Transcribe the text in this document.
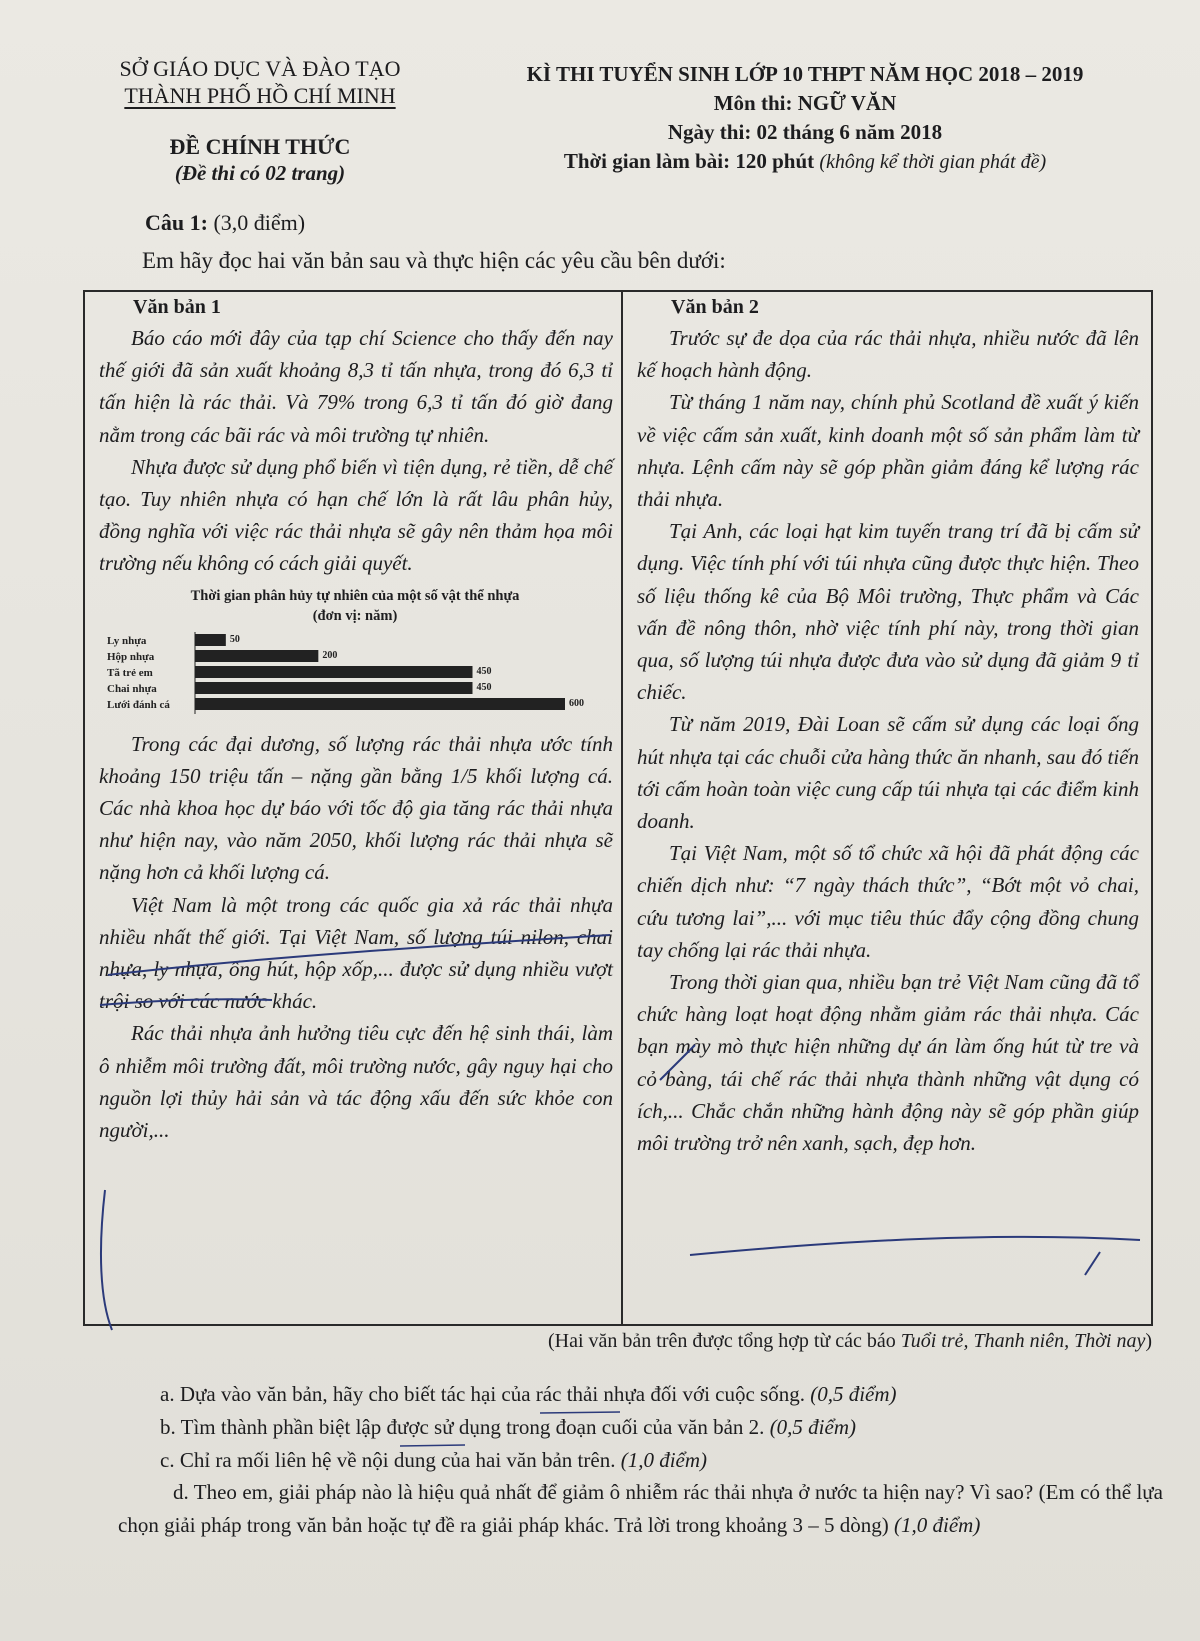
SỞ GIÁO DỤC VÀ ĐÀO TẠO
THÀNH PHỐ HỒ CHÍ MINH
ĐỀ CHÍNH THỨC
(Đề thi có 02 trang)
KÌ THI TUYỂN SINH LỚP 10 THPT NĂM HỌC 2018 – 2019
Môn thi: NGỮ VĂN
Ngày thi: 02 tháng 6 năm 2018
Thời gian làm bài: 120 phút (không kể thời gian phát đề)
Câu 1: (3,0 điểm)
Em hãy đọc hai văn bản sau và thực hiện các yêu cầu bên dưới:
Văn bản 1

Báo cáo mới đây của tạp chí Science cho thấy đến nay thế giới đã sản xuất khoảng 8,3 tỉ tấn nhựa, trong đó 6,3 tỉ tấn hiện là rác thải. Và 79% trong 6,3 tỉ tấn đó giờ đang nằm trong các bãi rác và môi trường tự nhiên.

Nhựa được sử dụng phổ biến vì tiện dụng, rẻ tiền, dễ chế tạo. Tuy nhiên nhựa có hạn chế lớn là rất lâu phân hủy, đồng nghĩa với việc rác thải nhựa sẽ gây nên thảm họa môi trường nếu không có cách giải quyết.

Thời gian phân hủy tự nhiên của một số vật thể nhựa
(đơn vị: năm)
Ly nhựa	50
Hộp nhựa	200
Tã trẻ em	450
Chai nhựa	450
Lưới đánh cá	600

Trong các đại dương, số lượng rác thải nhựa ước tính khoảng 150 triệu tấn – nặng gần bằng 1/5 khối lượng cá. Các nhà khoa học dự báo với tốc độ gia tăng rác thải nhựa như hiện nay, vào năm 2050, khối lượng rác thải nhựa sẽ nặng hơn cả khối lượng cá.

Việt Nam là một trong các quốc gia xả rác thải nhựa nhiều nhất thế giới. Tại Việt Nam, số lượng túi nilon, chai nhựa, ly nhựa, ống hút, hộp xốp,... được sử dụng nhiều vượt trội so với các nước khác.

Rác thải nhựa ảnh hưởng tiêu cực đến hệ sinh thái, làm ô nhiễm môi trường đất, môi trường nước, gây nguy hại cho nguồn lợi thủy hải sản và tác động xấu đến sức khỏe con người,...

Văn bản 2

Trước sự đe dọa của rác thải nhựa, nhiều nước đã lên kế hoạch hành động.

Từ tháng 1 năm nay, chính phủ Scotland đề xuất ý kiến về việc cấm sản xuất, kinh doanh một số sản phẩm làm từ nhựa. Lệnh cấm này sẽ góp phần giảm đáng kể lượng rác thải nhựa.

Tại Anh, các loại hạt kim tuyến trang trí đã bị cấm sử dụng. Việc tính phí với túi nhựa cũng được thực hiện. Theo số liệu thống kê của Bộ Môi trường, Thực phẩm và Các vấn đề nông thôn, nhờ việc tính phí này, trong thời gian qua, số lượng túi nhựa được đưa vào sử dụng đã giảm 9 tỉ chiếc.

Từ năm 2019, Đài Loan sẽ cấm sử dụng các loại ống hút nhựa tại các chuỗi cửa hàng thức ăn nhanh, sau đó tiến tới cấm hoàn toàn việc cung cấp túi nhựa tại các điểm kinh doanh.

Tại Việt Nam, một số tổ chức xã hội đã phát động các chiến dịch như: “7 ngày thách thức”, “Bớt một vỏ chai, cứu tương lai”,... với mục tiêu thúc đẩy cộng đồng chung tay chống lại rác thải nhựa.

Trong thời gian qua, nhiều bạn trẻ Việt Nam cũng đã tổ chức hàng loạt hoạt động nhằm giảm rác thải nhựa. Các bạn mày mò thực hiện những dự án làm ống hút từ tre và cỏ bàng, tái chế rác thải nhựa thành những vật dụng có ích,... Chắc chắn những hành động này sẽ góp phần giúp môi trường trở nên xanh, sạch, đẹp hơn.

(Hai văn bản trên được tổng hợp từ các báo Tuổi trẻ, Thanh niên, Thời nay)
a. Dựa vào văn bản, hãy cho biết tác hại của rác thải nhựa đối với cuộc sống. (0,5 điểm)
b. Tìm thành phần biệt lập được sử dụng trong đoạn cuối của văn bản 2. (0,5 điểm)
c. Chỉ ra mối liên hệ về nội dung của hai văn bản trên. (1,0 điểm)
d. Theo em, giải pháp nào là hiệu quả nhất để giảm ô nhiễm rác thải nhựa ở nước ta hiện nay? Vì sao? (Em có thể lựa chọn giải pháp trong văn bản hoặc tự đề ra giải pháp khác. Trả lời trong khoảng 3 – 5 dòng) (1,0 điểm)
